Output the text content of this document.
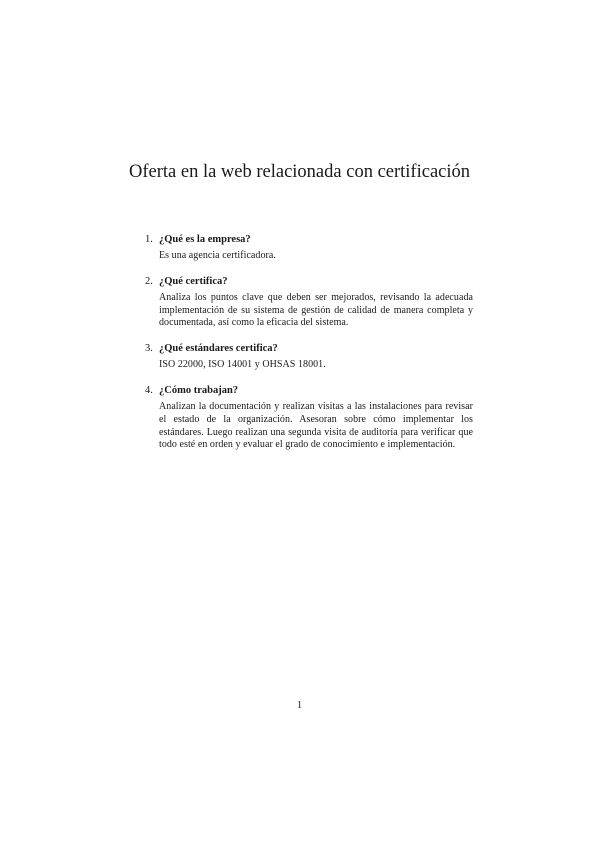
Oferta en la web relacionada con certificación
1. ¿Qué es la empresa?

Es una agencia certificadora.

2. ¿Qué certifica?

Analiza los puntos clave que deben ser mejorados, revisando la adecuada implementación de su sistema de gestión de calidad de manera completa y documentada, así como la eficacia del sistema.

3. ¿Qué estándares certifica?

ISO 22000, ISO 14001 y OHSAS 18001.

4. ¿Cómo trabajan?

Analizan la documentación y realizan visitas a las instalaciones para revisar el estado de la organización. Asesoran sobre cómo implementar los estándares. Luego realizan una segunda visita de auditoría para verificar que todo esté en orden y evaluar el grado de conocimiento e implementación.

1
